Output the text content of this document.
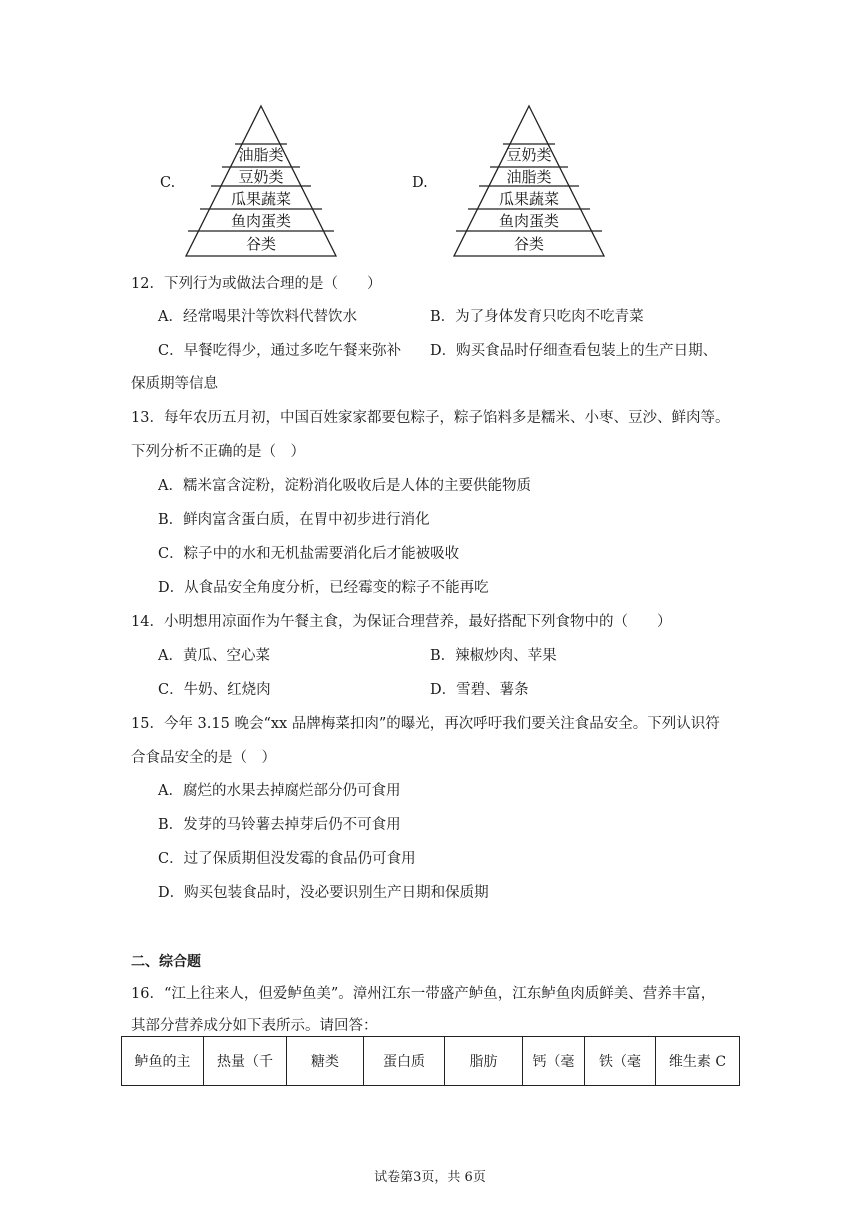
C.
油脂类
豆奶类
瓜果蔬菜
鱼肉蛋类
谷类
D.
豆奶类
油脂类
瓜果蔬菜
鱼肉蛋类
谷类
12．下列行为或做法合理的是（　　）
A．经常喝果汁等饮料代替饮水	B．为了身体发育只吃肉不吃青菜
C．早餐吃得少，通过多吃午餐来弥补 D．购买食品时仔细查看包装上的生产日期、
保质期等信息
13．每年农历五月初，中国百姓家家都要包粽子，粽子馅料多是糯米、小枣、豆沙、鲜肉等。
下列分析不正确的是（　）
A．糯米富含淀粉，淀粉消化吸收后是人体的主要供能物质
B．鲜肉富含蛋白质，在胃中初步进行消化
C．粽子中的水和无机盐需要消化后才能被吸收
D．从食品安全角度分析，已经霉变的粽子不能再吃
14．小明想用凉面作为午餐主食，为保证合理营养，最好搭配下列食物中的（　　）
A．黄瓜、空心菜	B．辣椒炒肉、苹果
C．牛奶、红烧肉	D．雪碧、薯条
15．今年 3.15 晚会“xx 品牌梅菜扣肉”的曝光，再次呼吁我们要关注食品安全。下列认识符
合食品安全的是（　）
A．腐烂的水果去掉腐烂部分仍可食用
B．发芽的马铃薯去掉芽后仍不可食用
C．过了保质期但没发霉的食品仍可食用
D．购买包装食品时，没必要识别生产日期和保质期
二、综合题
16．“江上往来人，但爱鲈鱼美”。漳州江东一带盛产鲈鱼，江东鲈鱼肉质鲜美、营养丰富，
其部分营养成分如下表所示。请回答：
鲈鱼的主	热量（千	糖类	蛋白质	脂肪	钙（毫	铁（毫	维生素 C
试卷第3页，共 6页
